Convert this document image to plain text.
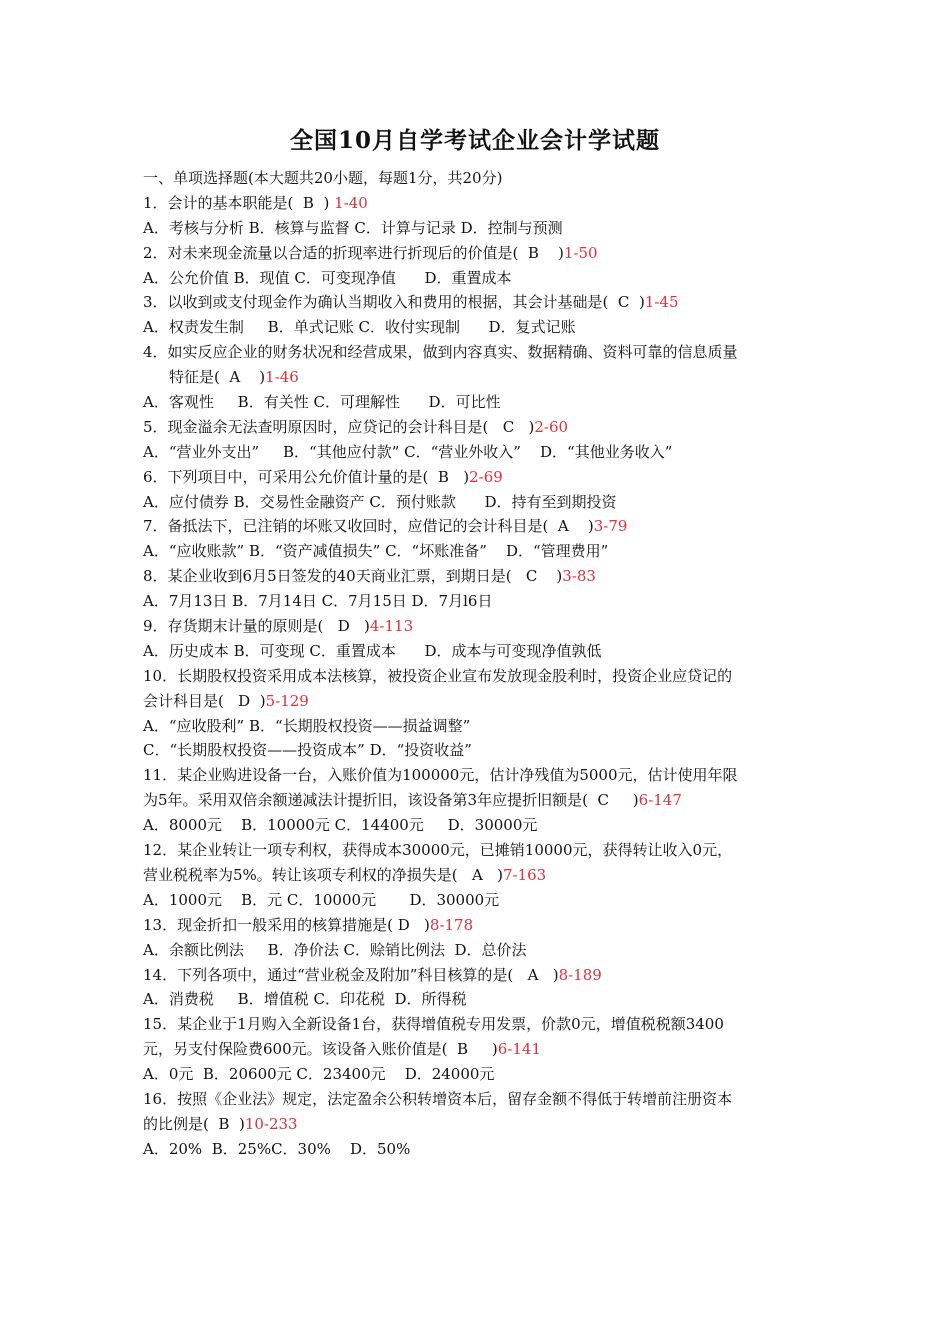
全国10月自学考试企业会计学试题
一、单项选择题(本大题共20小题，每题1分，共20分)
1．会计的基本职能是(  B  ) 1-40
A．考核与分析 B．核算与监督 C．计算与记录 D．控制与预测
2．对未来现金流量以合适的折现率进行折现后的价值是(  B    )1-50
A．公允价值 B．现值 C．可变现净值      D．重置成本
3．以收到或支付现金作为确认当期收入和费用的根据，其会计基础是(  C  )1-45
A．权责发生制     B．单式记账 C．收付实现制      D．复式记账
4．如实反应企业的财务状况和经营成果，做到内容真实、数据精确、资料可靠的信息质量
特征是(  A    )1-46
A．客观性     B．有关性 C．可理解性      D．可比性
5．现金溢余无法查明原因时，应贷记的会计科目是(   C   )2-60
A．“营业外支出”     B．“其他应付款” C．“营业外收入”    D．“其他业务收入”
6．下列项目中，可采用公允价值计量的是(  B   )2-69
A．应付债券 B．交易性金融资产 C．预付账款      D．持有至到期投资
7．备抵法下，已注销的坏账又收回时，应借记的会计科目是(  A    )3-79
A．“应收账款” B．“资产减值损失” C．“坏账准备”    D．“管理费用”
8．某企业收到6月5日签发的40天商业汇票，到期日是(   C    )3-83
A．7月13日 B．7月14日 C．7月15日 D．7月l6日
9．存货期末计量的原则是(   D   )4-113
A．历史成本 B．可变现 C．重置成本      D．成本与可变现净值孰低
10．长期股权投资采用成本法核算，被投资企业宣布发放现金股利时，投资企业应贷记的
会计科目是(   D  )5-129
A．“应收股利” B．“长期股权投资——损益调整”
C．“长期股权投资——投资成本” D．“投资收益”
11．某企业购进设备一台，入账价值为100000元，估计净残值为5000元，估计使用年限
为5年。采用双倍余额递减法计提折旧，该设备第3年应提折旧额是(  C     )6-147
A．8000元    B．10000元 C．14400元     D．30000元
12．某企业转让一项专利权，获得成本30000元，已摊销10000元，获得转让收入0元，
营业税税率为5%。转让该项专利权的净损失是(   A   )7-163
A．1000元    B．元 C．10000元       D．30000元
13．现金折扣一般采用的核算措施是( D   )8-178
A．余额比例法     B．净价法 C．赊销比例法  D．总价法
14．下列各项中，通过“营业税金及附加”科目核算的是(   A   )8-189
A．消费税     B．增值税 C．印花税  D．所得税
15．某企业于1月购入全新设备1台，获得增值税专用发票，价款0元，增值税税额3400
元，另支付保险费600元。该设备入账价值是(  B     )6-141
A．0元  B．20600元 C．23400元    D．24000元
16．按照《企业法》规定，法定盈余公积转增资本后，留存金额不得低于转增前注册资本
的比例是(  B  )10-233
A．20%  B．25%C．30%    D．50%
